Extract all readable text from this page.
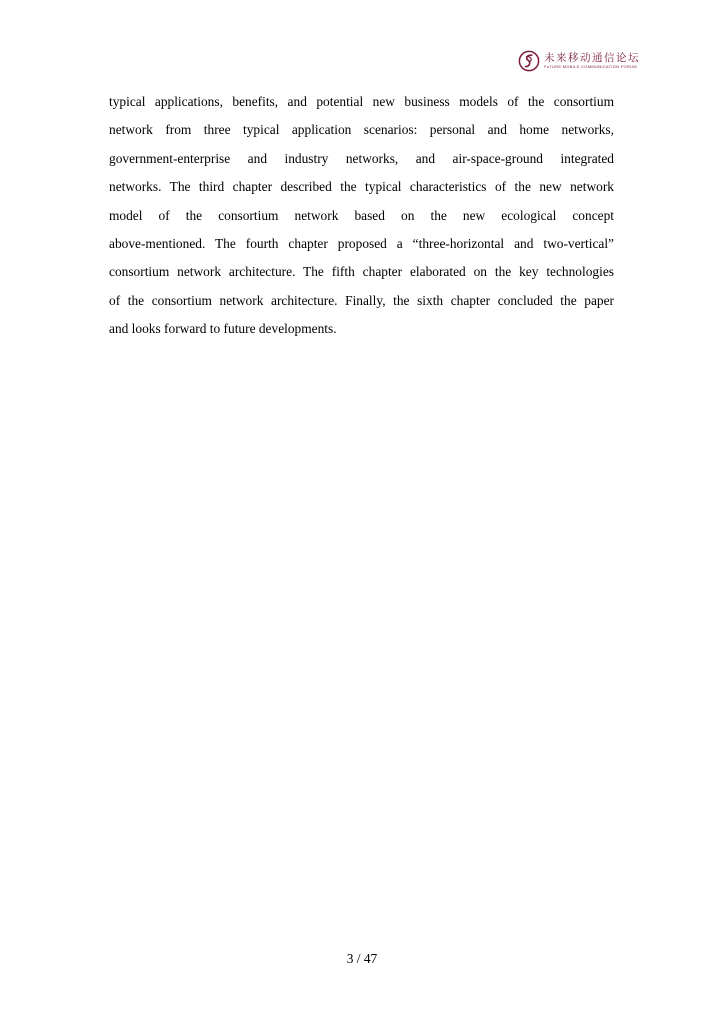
未来移动通信论坛
FuTURE MOBILE COMMUNICATION FORUM
typical applications, benefits, and potential new business models of the consortium
network from three typical application scenarios: personal and home networks,
government-enterprise and industry networks, and air-space-ground integrated
networks. The third chapter described the typical characteristics of the new network
model of the consortium network based on the new ecological concept
above-mentioned. The fourth chapter proposed a “three-horizontal and two-vertical”
consortium network architecture. The fifth chapter elaborated on the key technologies
of the consortium network architecture. Finally, the sixth chapter concluded the paper
and looks forward to future developments.
3 / 47
